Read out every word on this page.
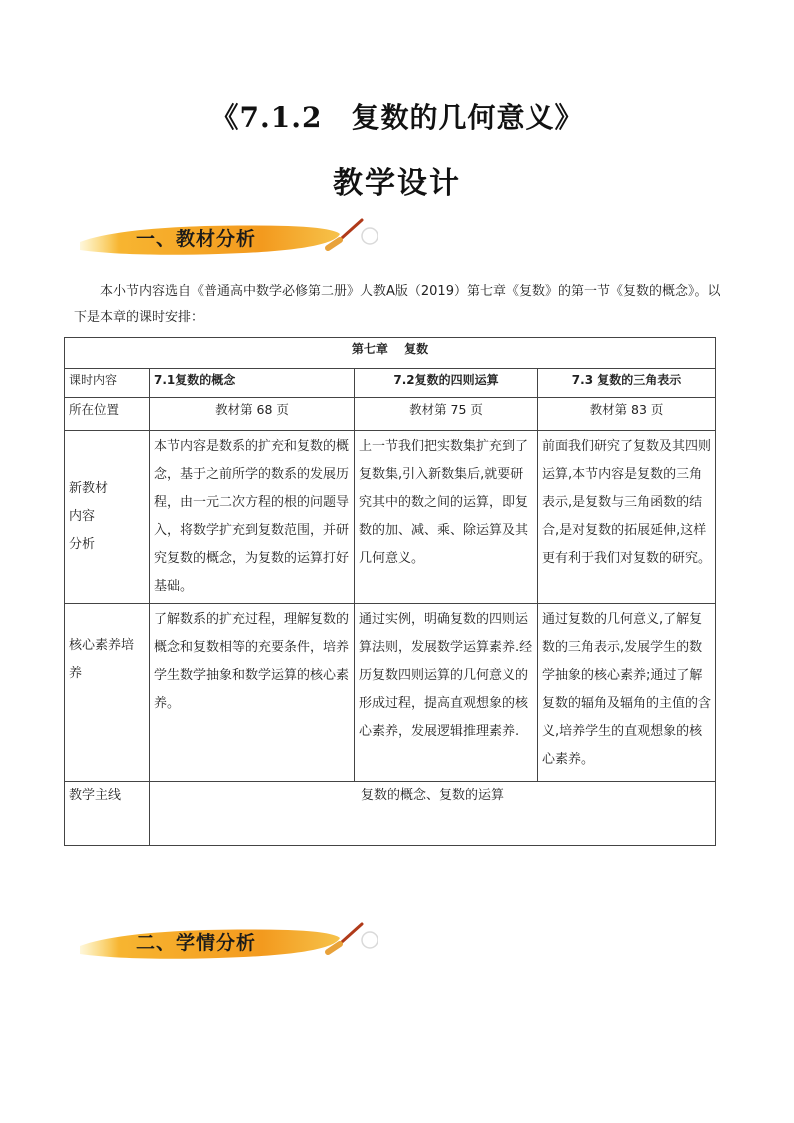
《7.1.2　复数的几何意义》
教学设计
一、教材分析

本小节内容选自《普通高中数学必修第二册》人教A版（2019）第七章《复数》的第一节《复数的概念》。以下是本章的课时安排：

第七章　 复数			
课时内容	7.1复数的概念	7.2复数的四则运算	7.3 复数的三角表示
所在位置	教材第 68 页	教材第 75 页	教材第 83 页
新教材
内容
分析	本节内容是数系的扩充和复数的概念，基于之前所学的数系的发展历程，由一元二次方程的根的问题导入，将数学扩充到复数范围，并研究复数的概念，为复数的运算打好基础。	上一节我们把实数集扩充到了复数集,引入新数集后,就要研究其中的数之间的运算，即复数的加、减、乘、除运算及其几何意义。	前面我们研究了复数及其四则运算,本节内容是复数的三角表示,是复数与三角函数的结合,是对复数的拓展延伸,这样更有利于我们对复数的研究。
核心素养培养	了解数系的扩充过程，理解复数的概念和复数相等的充要条件，培养学生数学抽象和数学运算的核心素养。	通过实例，明确复数的四则运算法则，发展数学运算素养.经历复数四则运算的几何意义的形成过程，提高直观想象的核心素养，发展逻辑推理素养.	通过复数的几何意义,了解复数的三角表示,发展学生的数学抽象的核心素养;通过了解复数的辐角及辐角的主值的含义,培养学生的直观想象的核心素养。
教学主线	复数的概念、复数的运算		
二、学情分析
